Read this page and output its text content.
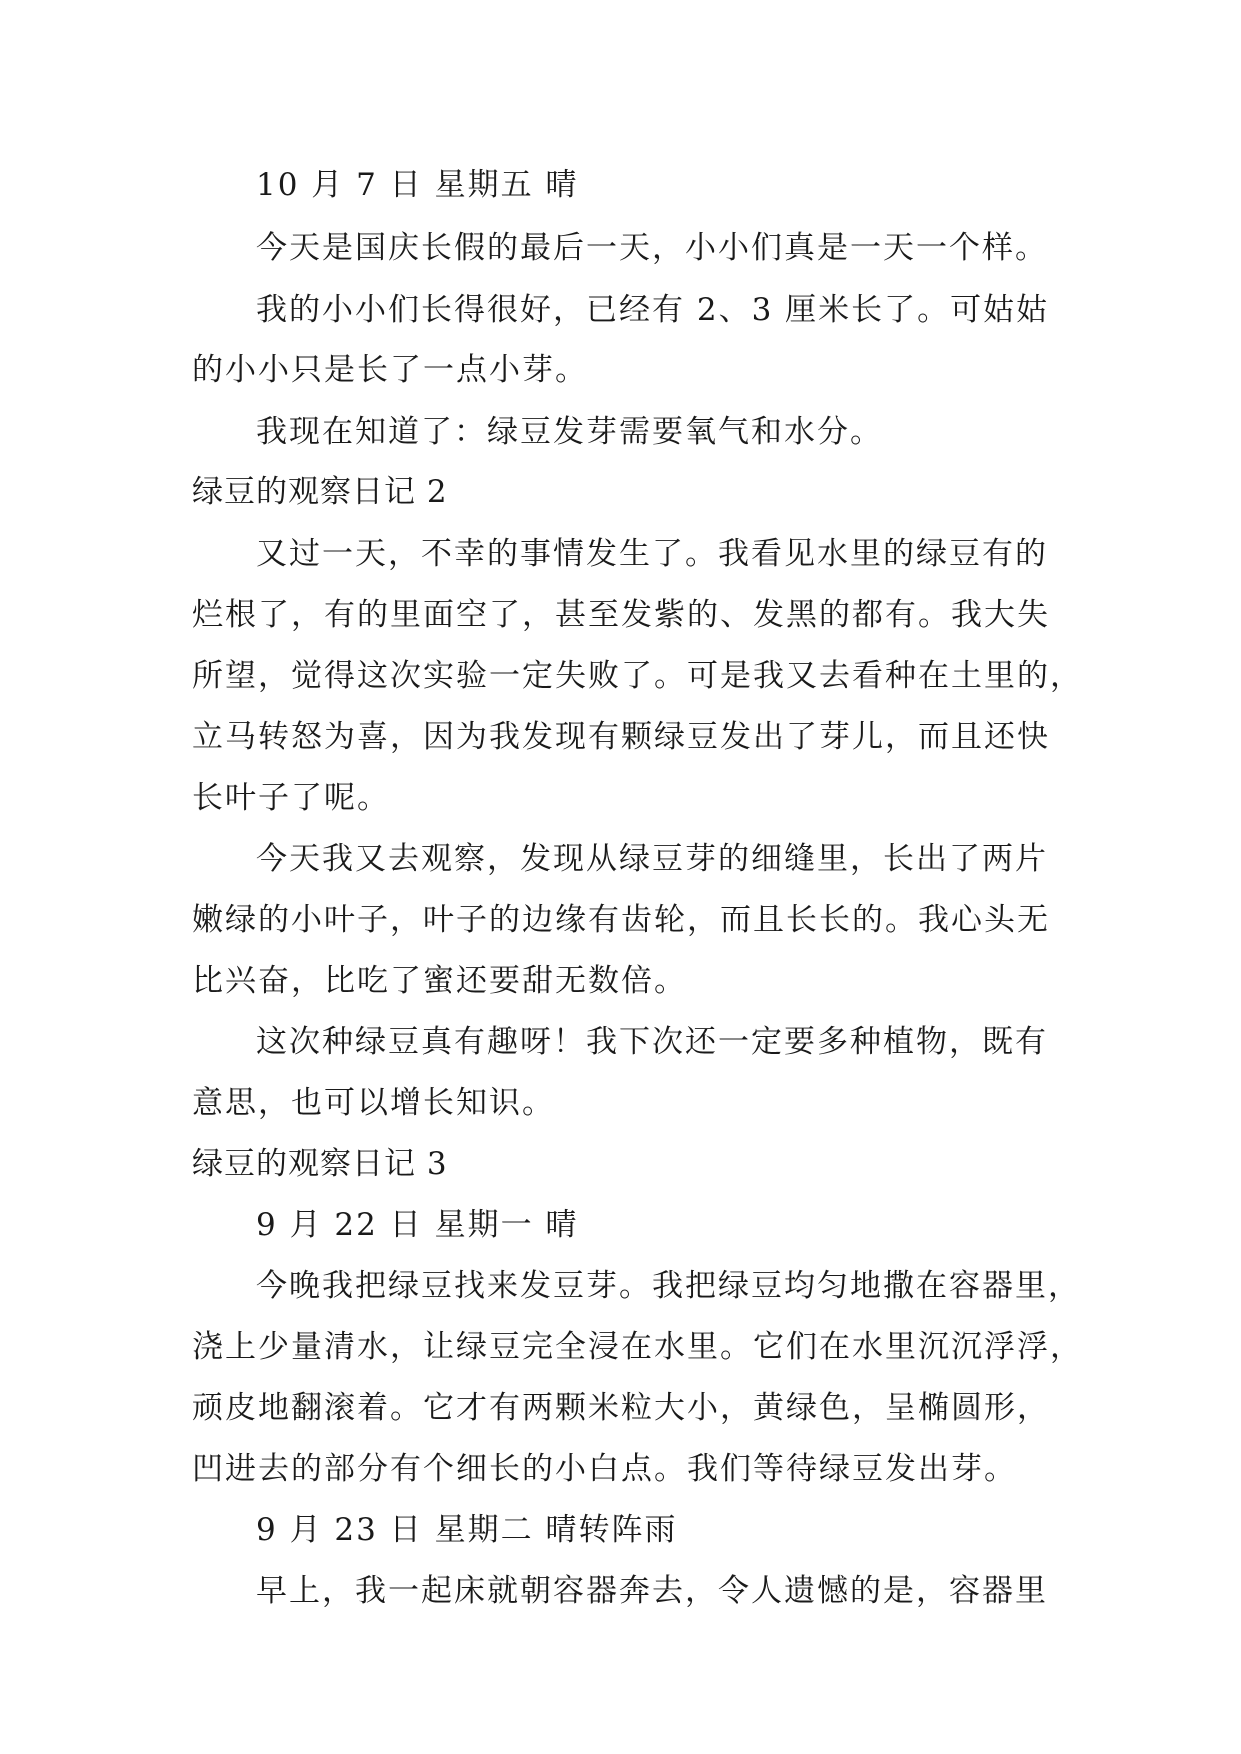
10 月 7 日 星期五 晴
今天是国庆长假的最后一天，小小们真是一天一个样。
我的小小们长得很好，已经有 2、3 厘米长了。可姑姑
的小小只是长了一点小芽。
我现在知道了：绿豆发芽需要氧气和水分。
绿豆的观察日记 2
又过一天，不幸的事情发生了。我看见水里的绿豆有的
烂根了，有的里面空了，甚至发紫的、发黑的都有。我大失
所望，觉得这次实验一定失败了。可是我又去看种在土里的，
立马转怒为喜，因为我发现有颗绿豆发出了芽儿，而且还快
长叶子了呢。
今天我又去观察，发现从绿豆芽的细缝里，长出了两片
嫩绿的小叶子，叶子的边缘有齿轮，而且长长的。我心头无
比兴奋，比吃了蜜还要甜无数倍。
这次种绿豆真有趣呀！我下次还一定要多种植物，既有
意思，也可以增长知识。
绿豆的观察日记 3
9 月 22 日 星期一 晴
今晚我把绿豆找来发豆芽。我把绿豆均匀地撒在容器里，
浇上少量清水，让绿豆完全浸在水里。它们在水里沉沉浮浮，
顽皮地翻滚着。它才有两颗米粒大小，黄绿色，呈椭圆形，
凹进去的部分有个细长的小白点。我们等待绿豆发出芽。
9 月 23 日 星期二 晴转阵雨
早上，我一起床就朝容器奔去，令人遗憾的是，容器里
